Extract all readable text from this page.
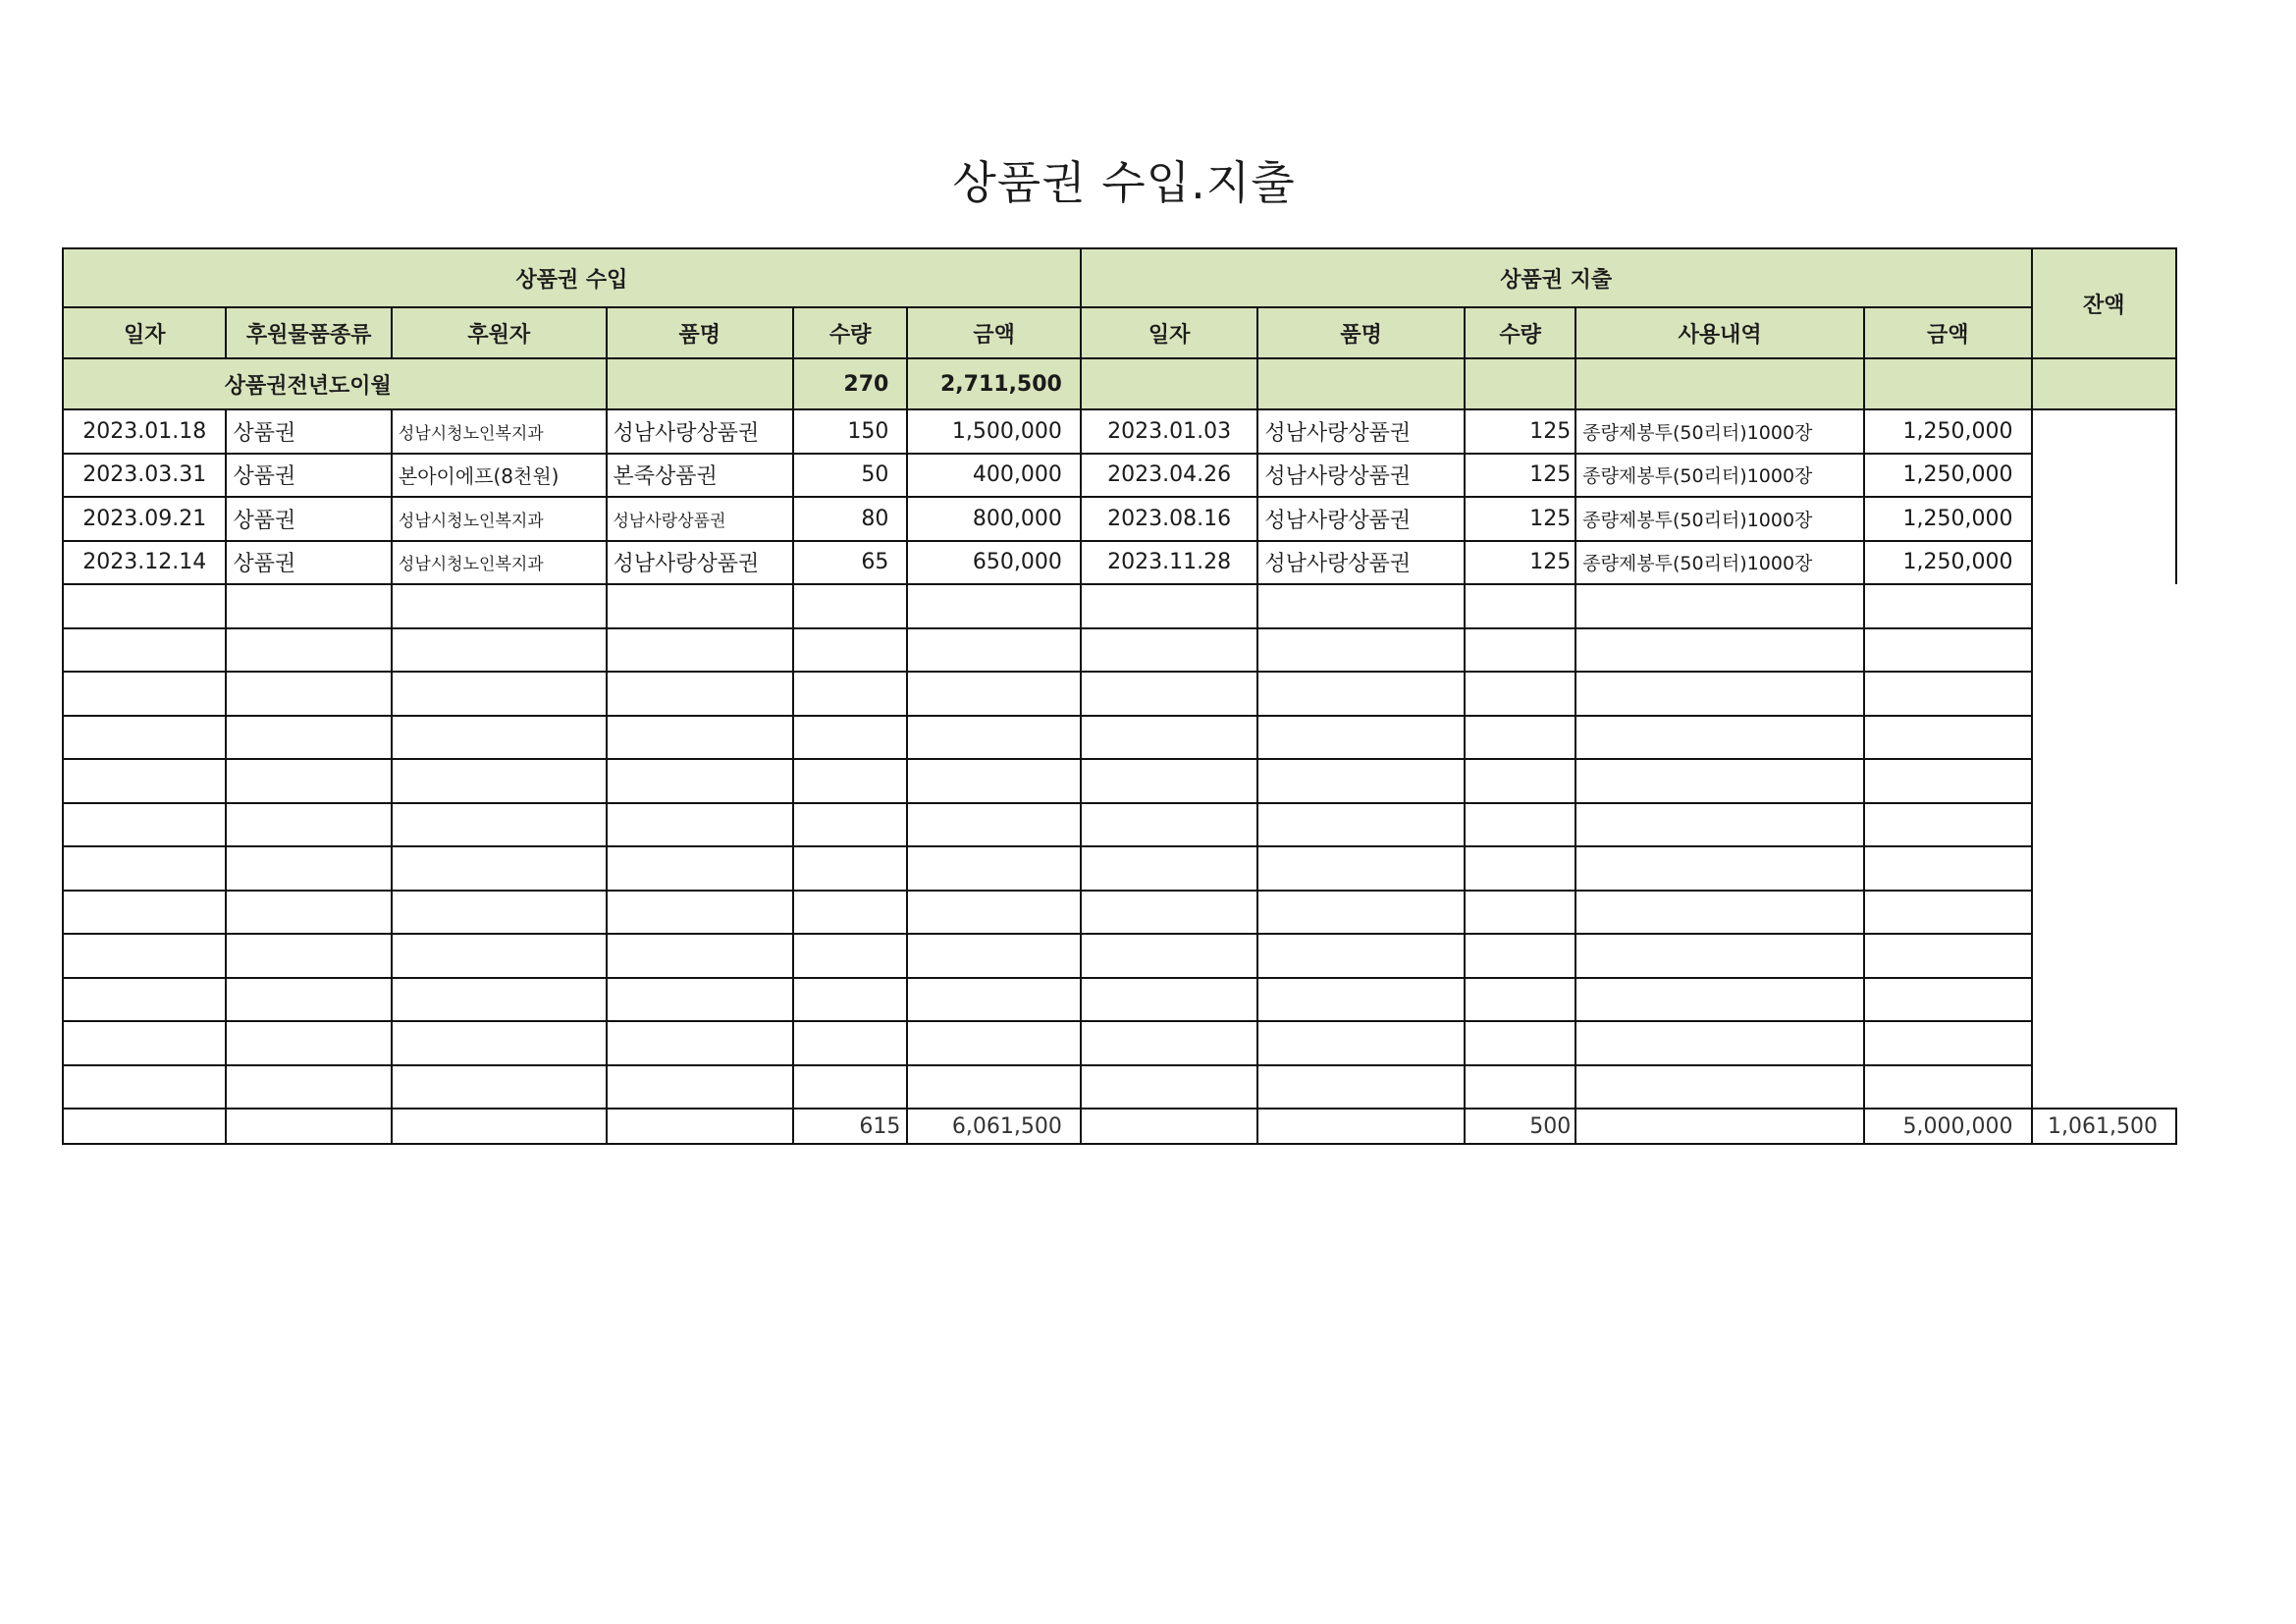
상품권 수입.지출
상품권 수입						상품권 지출					잔액
일자	후원물품종류	후원자	품명	수량	금액	일자	품명	수량	사용내역	금액	
상품권전년도이월				270	2,711,500						
2023.01.18	상품권	성남시청노인복지과	성남사랑상품권	150	1,500,000	2023.01.03	성남사랑상품권	125	종량제봉투(50리터)1000장	1,250,000	
2023.03.31	상품권	본아이에프(8천원)	본죽상품권	50	400,000	2023.04.26	성남사랑상품권	125	종량제봉투(50리터)1000장	1,250,000	
2023.09.21	상품권	성남시청노인복지과	성남사랑상품권	80	800,000	2023.08.16	성남사랑상품권	125	종량제봉투(50리터)1000장	1,250,000	
2023.12.14	상품권	성남시청노인복지과	성남사랑상품권	65	650,000	2023.11.28	성남사랑상품권	125	종량제봉투(50리터)1000장	1,250,000	

				615	6,061,500			500		5,000,000	1,061,500
